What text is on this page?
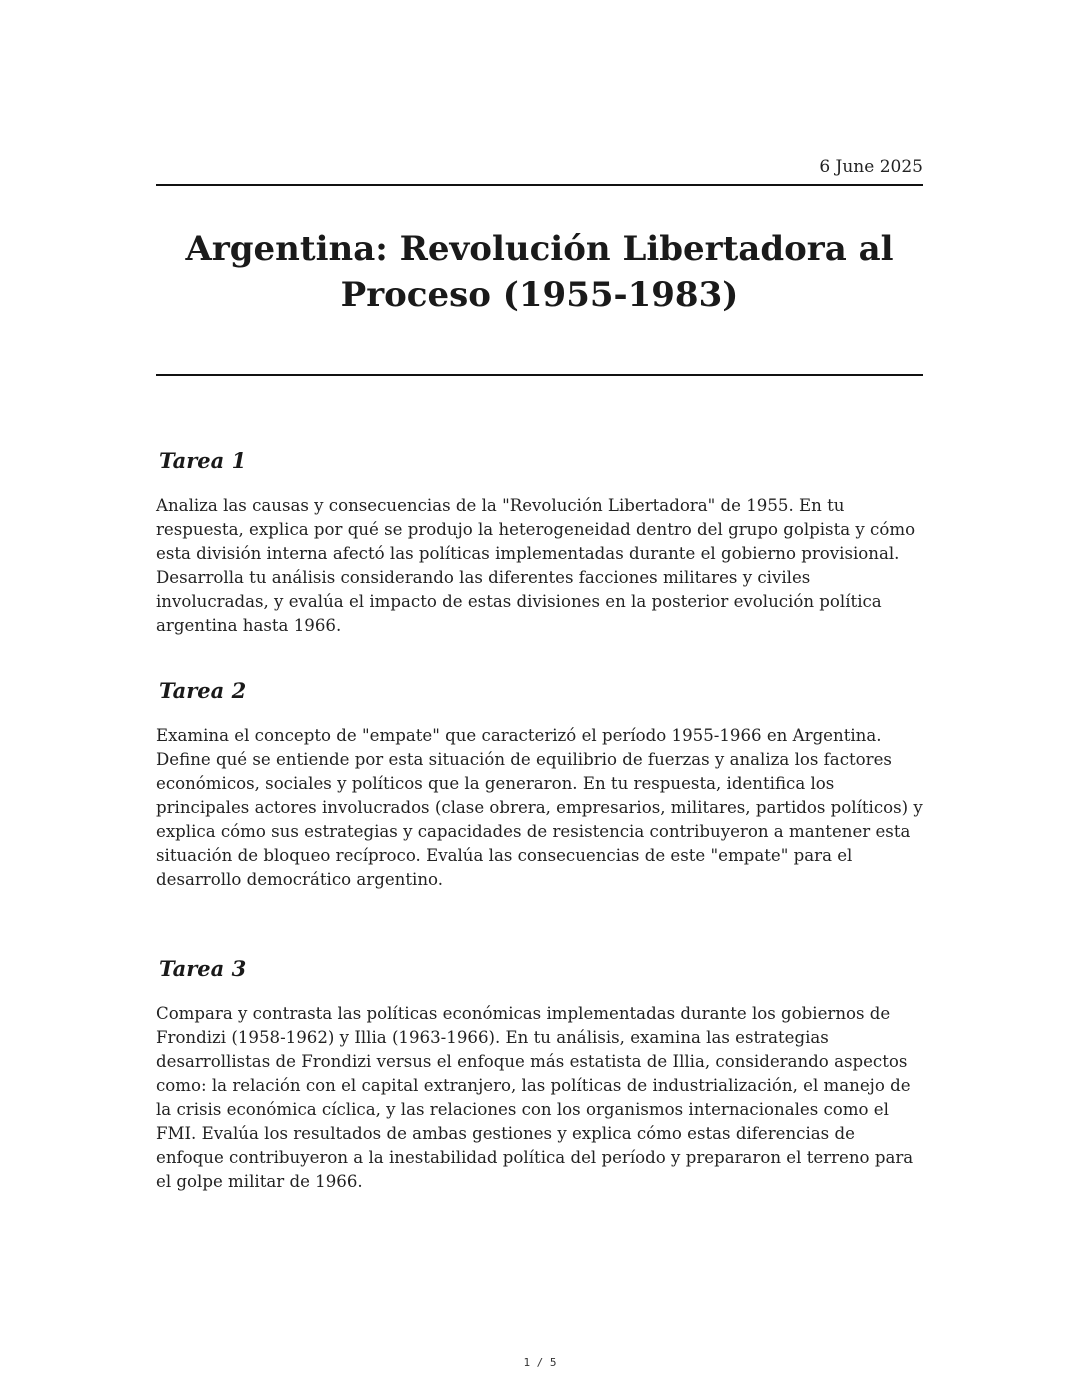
6 June 2025
Argentina: Revolución Libertadora al Proceso (1955-1983)
Tarea 1

Analiza las causas y consecuencias de la "Revolución Libertadora" de 1955. En tu respuesta, explica por qué se produjo la heterogeneidad dentro del grupo golpista y cómo esta división interna afectó las políticas implementadas durante el gobierno provisional. Desarrolla tu análisis considerando las diferentes facciones militares y civiles involucradas, y evalúa el impacto de estas divisiones en la posterior evolución política argentina hasta 1966.

Tarea 2

Examina el concepto de "empate" que caracterizó el período 1955-1966 en Argentina. Define qué se entiende por esta situación de equilibrio de fuerzas y analiza los factores económicos, sociales y políticos que la generaron. En tu respuesta, identifica los principales actores involucrados (clase obrera, empresarios, militares, partidos políticos) y explica cómo sus estrategias y capacidades de resistencia contribuyeron a mantener esta situación de bloqueo recíproco. Evalúa las consecuencias de este "empate" para el desarrollo democrático argentino.

Tarea 3

Compara y contrasta las políticas económicas implementadas durante los gobiernos de Frondizi (1958-1962) y Illia (1963-1966). En tu análisis, examina las estrategias desarrollistas de Frondizi versus el enfoque más estatista de Illia, considerando aspectos como: la relación con el capital extranjero, las políticas de industrialización, el manejo de la crisis económica cíclica, y las relaciones con los organismos internacionales como el FMI. Evalúa los resultados de ambas gestiones y explica cómo estas diferencias de enfoque contribuyeron a la inestabilidad política del período y prepararon el terreno para el golpe militar de 1966.

1 / 5
